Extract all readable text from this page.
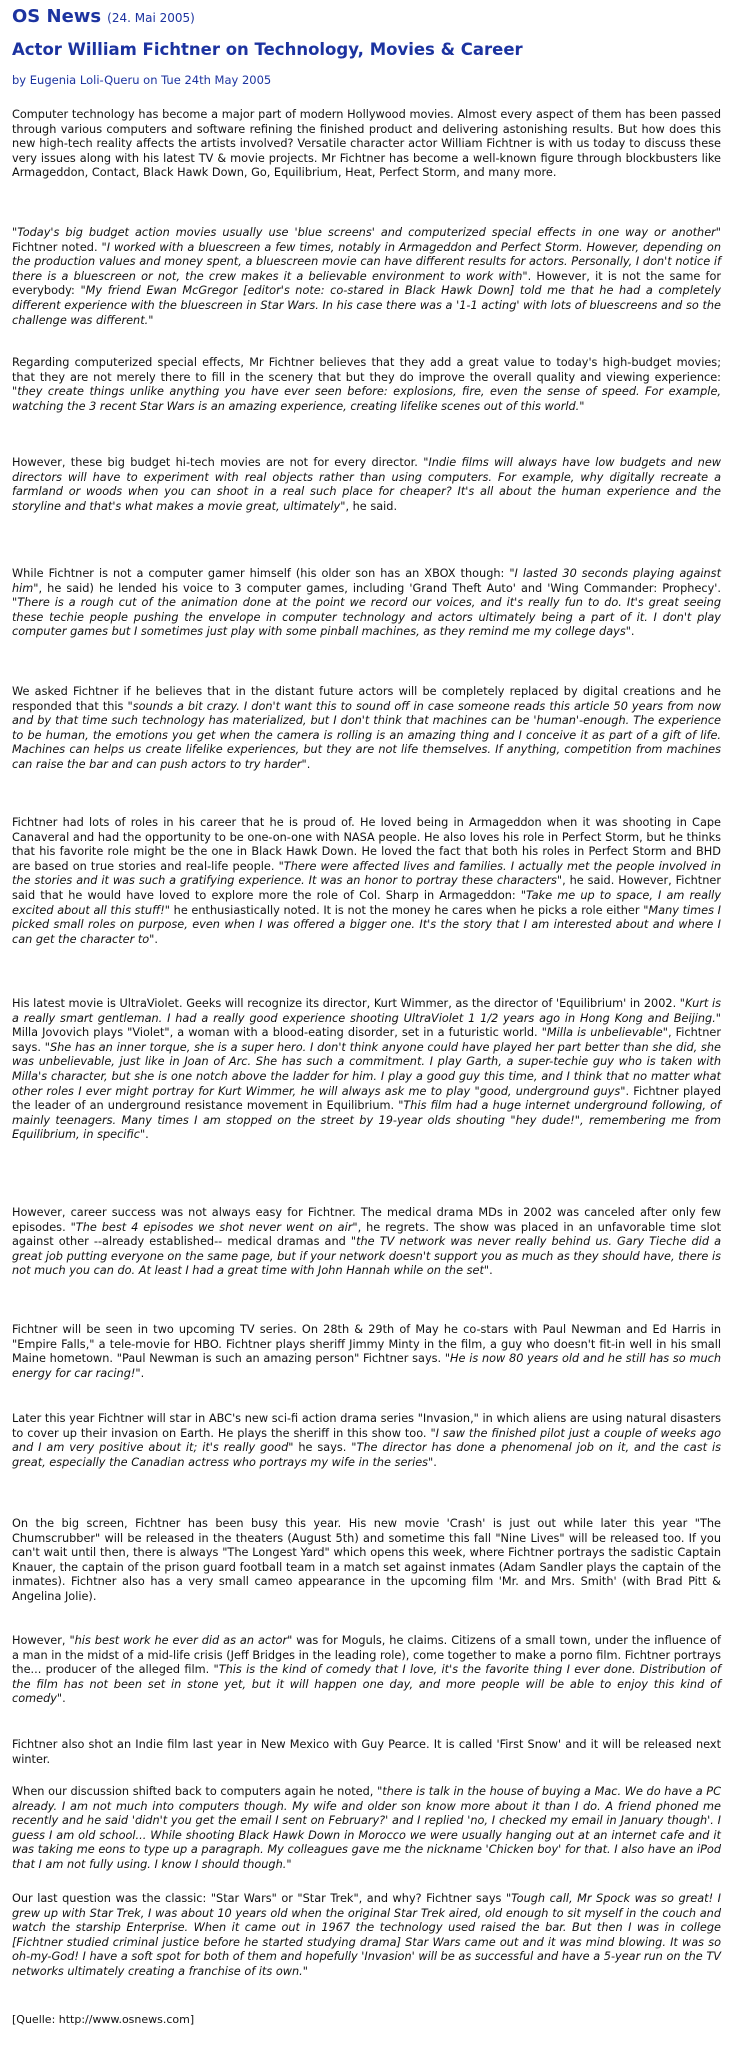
OS News (24. Mai 2005)
Actor William Fichtner on Technology, Movies & Career
by Eugenia Loli-Queru on Tue 24th May 2005

Computer technology has become a major part of modern Hollywood movies. Almost every aspect of them has been passed through various computers and software refining the finished product and delivering astonishing results. But how does this new high-tech reality affects the artists involved? Versatile character actor William Fichtner is with us today to discuss these very issues along with his latest TV & movie projects. Mr Fichtner has become a well-known figure through blockbusters like Armageddon, Contact, Black Hawk Down, Go, Equilibrium, Heat, Perfect Storm, and many more.

"Today's big budget action movies usually use 'blue screens' and computerized special effects in one way or another" Fichtner noted. "I worked with a bluescreen a few times, notably in Armageddon and Perfect Storm. However, depending on the production values and money spent, a bluescreen movie can have different results for actors. Personally, I don't notice if there is a bluescreen or not, the crew makes it a believable environment to work with". However, it is not the same for everybody: "My friend Ewan McGregor [editor's note: co-stared in Black Hawk Down] told me that he had a completely different experience with the bluescreen in Star Wars. In his case there was a '1-1 acting' with lots of bluescreens and so the challenge was different."

Regarding computerized special effects, Mr Fichtner believes that they add a great value to today's high-budget movies; that they are not merely there to fill in the scenery that but they do improve the overall quality and viewing experience: "they create things unlike anything you have ever seen before: explosions, fire, even the sense of speed. For example, watching the 3 recent Star Wars is an amazing experience, creating lifelike scenes out of this world."

However, these big budget hi-tech movies are not for every director. "Indie films will always have low budgets and new directors will have to experiment with real objects rather than using computers. For example, why digitally recreate a farmland or woods when you can shoot in a real such place for cheaper? It's all about the human experience and the storyline and that's what makes a movie great, ultimately", he said.

While Fichtner is not a computer gamer himself (his older son has an XBOX though: "I lasted 30 seconds playing against him", he said) he lended his voice to 3 computer games, including 'Grand Theft Auto' and 'Wing Commander: Prophecy'. "There is a rough cut of the animation done at the point we record our voices, and it's really fun to do. It's great seeing these techie people pushing the envelope in computer technology and actors ultimately being a part of it. I don't play computer games but I sometimes just play with some pinball machines, as they remind me my college days".

We asked Fichtner if he believes that in the distant future actors will be completely replaced by digital creations and he responded that this "sounds a bit crazy. I don't want this to sound off in case someone reads this article 50 years from now and by that time such technology has materialized, but I don't think that machines can be 'human'-enough. The experience to be human, the emotions you get when the camera is rolling is an amazing thing and I conceive it as part of a gift of life. Machines can helps us create lifelike experiences, but they are not life themselves. If anything, competition from machines can raise the bar and can push actors to try harder".

Fichtner had lots of roles in his career that he is proud of. He loved being in Armageddon when it was shooting in Cape Canaveral and had the opportunity to be one-on-one with NASA people. He also loves his role in Perfect Storm, but he thinks that his favorite role might be the one in Black Hawk Down. He loved the fact that both his roles in Perfect Storm and BHD are based on true stories and real-life people. "There were affected lives and families. I actually met the people involved in the stories and it was such a gratifying experience. It was an honor to portray these characters", he said. However, Fichtner said that he would have loved to explore more the role of Col. Sharp in Armageddon: "Take me up to space, I am really excited about all this stuff!" he enthusiastically noted. It is not the money he cares when he picks a role either "Many times I picked small roles on purpose, even when I was offered a bigger one. It's the story that I am interested about and where I can get the character to".

His latest movie is UltraViolet. Geeks will recognize its director, Kurt Wimmer, as the director of 'Equilibrium' in 2002. "Kurt is a really smart gentleman. I had a really good experience shooting UltraViolet 1 1/2 years ago in Hong Kong and Beijing." Milla Jovovich plays "Violet", a woman with a blood-eating disorder, set in a futuristic world. "Milla is unbelievable", Fichtner says. "She has an inner torque, she is a super hero. I don't think anyone could have played her part better than she did, she was unbelievable, just like in Joan of Arc. She has such a commitment. I play Garth, a super-techie guy who is taken with Milla's character, but she is one notch above the ladder for him. I play a good guy this time, and I think that no matter what other roles I ever might portray for Kurt Wimmer, he will always ask me to play "good, underground guys". Fichtner played the leader of an underground resistance movement in Equilibrium. "This film had a huge internet underground following, of mainly teenagers. Many times I am stopped on the street by 19-year olds shouting "hey dude!", remembering me from Equilibrium, in specific".

However, career success was not always easy for Fichtner. The medical drama MDs in 2002 was canceled after only few episodes. "The best 4 episodes we shot never went on air", he regrets. The show was placed in an unfavorable time slot against other --already established-- medical dramas and "the TV network was never really behind us. Gary Tieche did a great job putting everyone on the same page, but if your network doesn't support you as much as they should have, there is not much you can do. At least I had a great time with John Hannah while on the set".

Fichtner will be seen in two upcoming TV series. On 28th & 29th of May he co-stars with Paul Newman and Ed Harris in "Empire Falls," a tele-movie for HBO. Fichtner plays sheriff Jimmy Minty in the film, a guy who doesn't fit-in well in his small Maine hometown. "Paul Newman is such an amazing person" Fichtner says. "He is now 80 years old and he still has so much energy for car racing!".

Later this year Fichtner will star in ABC's new sci-fi action drama series "Invasion," in which aliens are using natural disasters to cover up their invasion on Earth. He plays the sheriff in this show too. "I saw the finished pilot just a couple of weeks ago and I am very positive about it; it's really good" he says. "The director has done a phenomenal job on it, and the cast is great, especially the Canadian actress who portrays my wife in the series".

On the big screen, Fichtner has been busy this year. His new movie 'Crash' is just out while later this year "The Chumscrubber" will be released in the theaters (August 5th) and sometime this fall "Nine Lives" will be released too. If you can't wait until then, there is always "The Longest Yard" which opens this week, where Fichtner portrays the sadistic Captain Knauer, the captain of the prison guard football team in a match set against inmates (Adam Sandler plays the captain of the inmates). Fichtner also has a very small cameo appearance in the upcoming film 'Mr. and Mrs. Smith' (with Brad Pitt & Angelina Jolie).

However, "his best work he ever did as an actor" was for Moguls, he claims. Citizens of a small town, under the influence of a man in the midst of a mid-life crisis (Jeff Bridges in the leading role), come together to make a porno film. Fichtner portrays the... producer of the alleged film. "This is the kind of comedy that I love, it's the favorite thing I ever done. Distribution of the film has not been set in stone yet, but it will happen one day, and more people will be able to enjoy this kind of comedy".

Fichtner also shot an Indie film last year in New Mexico with Guy Pearce. It is called 'First Snow' and it will be released next winter.

When our discussion shifted back to computers again he noted, "there is talk in the house of buying a Mac. We do have a PC already. I am not much into computers though. My wife and older son know more about it than I do. A friend phoned me recently and he said 'didn't you get the email I sent on February?' and I replied 'no, I checked my email in January though'. I guess I am old school... While shooting Black Hawk Down in Morocco we were usually hanging out at an internet cafe and it was taking me eons to type up a paragraph. My colleagues gave me the nickname 'Chicken boy' for that. I also have an iPod that I am not fully using. I know I should though."

Our last question was the classic: "Star Wars" or "Star Trek", and why? Fichtner says "Tough call, Mr Spock was so great! I grew up with Star Trek, I was about 10 years old when the original Star Trek aired, old enough to sit myself in the couch and watch the starship Enterprise. When it came out in 1967 the technology used raised the bar. But then I was in college [Fichtner studied criminal justice before he started studying drama] Star Wars came out and it was mind blowing. It was so oh-my-God! I have a soft spot for both of them and hopefully 'Invasion' will be as successful and have a 5-year run on the TV networks ultimately creating a franchise of its own."

[Quelle: http://www.osnews.com]
